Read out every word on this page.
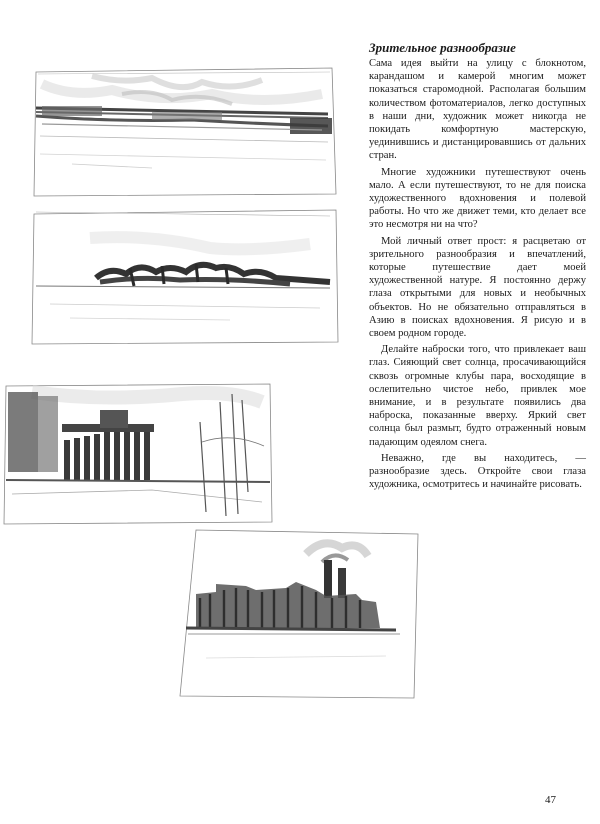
Зрительное разнообразие

Сама идея выйти на улицу с блокнотом, карандашом и камерой многим может показаться старомодной. Располагая большим количеством фотоматериалов, легко доступных в наши дни, художник может никогда не покидать комфортную мастерскую, уединившись и дистанцировавшись от дальних стран.

Многие художники путешествуют очень мало. А если путешествуют, то не для поиска художественного вдохновения и полевой работы. Но что же движет теми, кто делает все это несмотря ни на что?

Мой личный ответ прост: я расцветаю от зрительного разнообразия и впечатлений, которые путешествие дает моей художественной натуре. Я постоянно держу глаза открытыми для новых и необычных объектов. Но не обязательно отправляться в Азию в поисках вдохновения. Я рисую и в своем родном городе.

Делайте наброски того, что привлекает ваш глаз. Сияющий свет солнца, просачивающийся сквозь огромные клубы пара, восходящие в ослепительно чистое небо, привлек мое внимание, и в результате появились два наброска, показанные вверху. Яркий свет солнца был размыт, будто отраженный новым падающим одеялом снега.

Неважно, где вы находитесь, — разнообразие здесь. Откройте свои глаза художника, осмотритесь и начинайте рисовать.

47
